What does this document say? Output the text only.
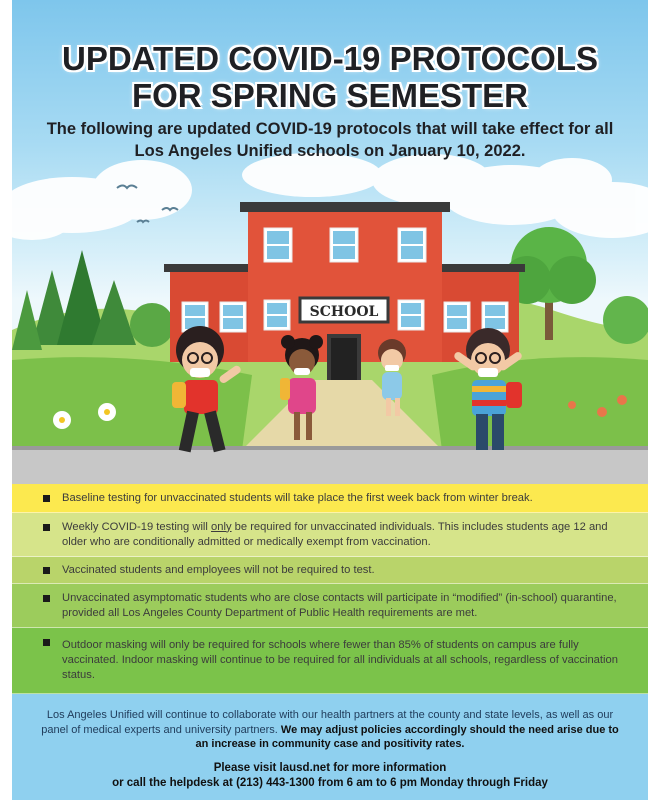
SCHOOL
UPDATED COVID-19 PROTOCOLS
FOR SPRING SEMESTER

The following are updated COVID-19 protocols that will take effect for all Los Angeles Unified schools on January 10, 2022.

Baseline testing for unvaccinated students will take place the first week back from winter break.
Weekly COVID-19 testing will only be required for unvaccinated individuals. This includes students age 12 and older who are conditionally admitted or medically exempt from vaccination.
Vaccinated students and employees will not be required to test.
Unvaccinated asymptomatic students who are close contacts will participate in “modified” (in-school) quarantine, provided all Los Angeles County Department of Public Health requirements are met.
Outdoor masking will only be required for schools where fewer than 85% of students on campus are fully vaccinated. Indoor masking will continue to be required for all individuals at all schools, regardless of vaccination status.

Los Angeles Unified will continue to collaborate with our health partners at the county and state levels, as well as our panel of medical experts and university partners. We may adjust policies accordingly should the need arise due to an increase in community case and positivity rates.

Please visit lausd.net for more information
or call the helpdesk at (213) 443-1300 from 6 am to 6 pm Monday through Friday
